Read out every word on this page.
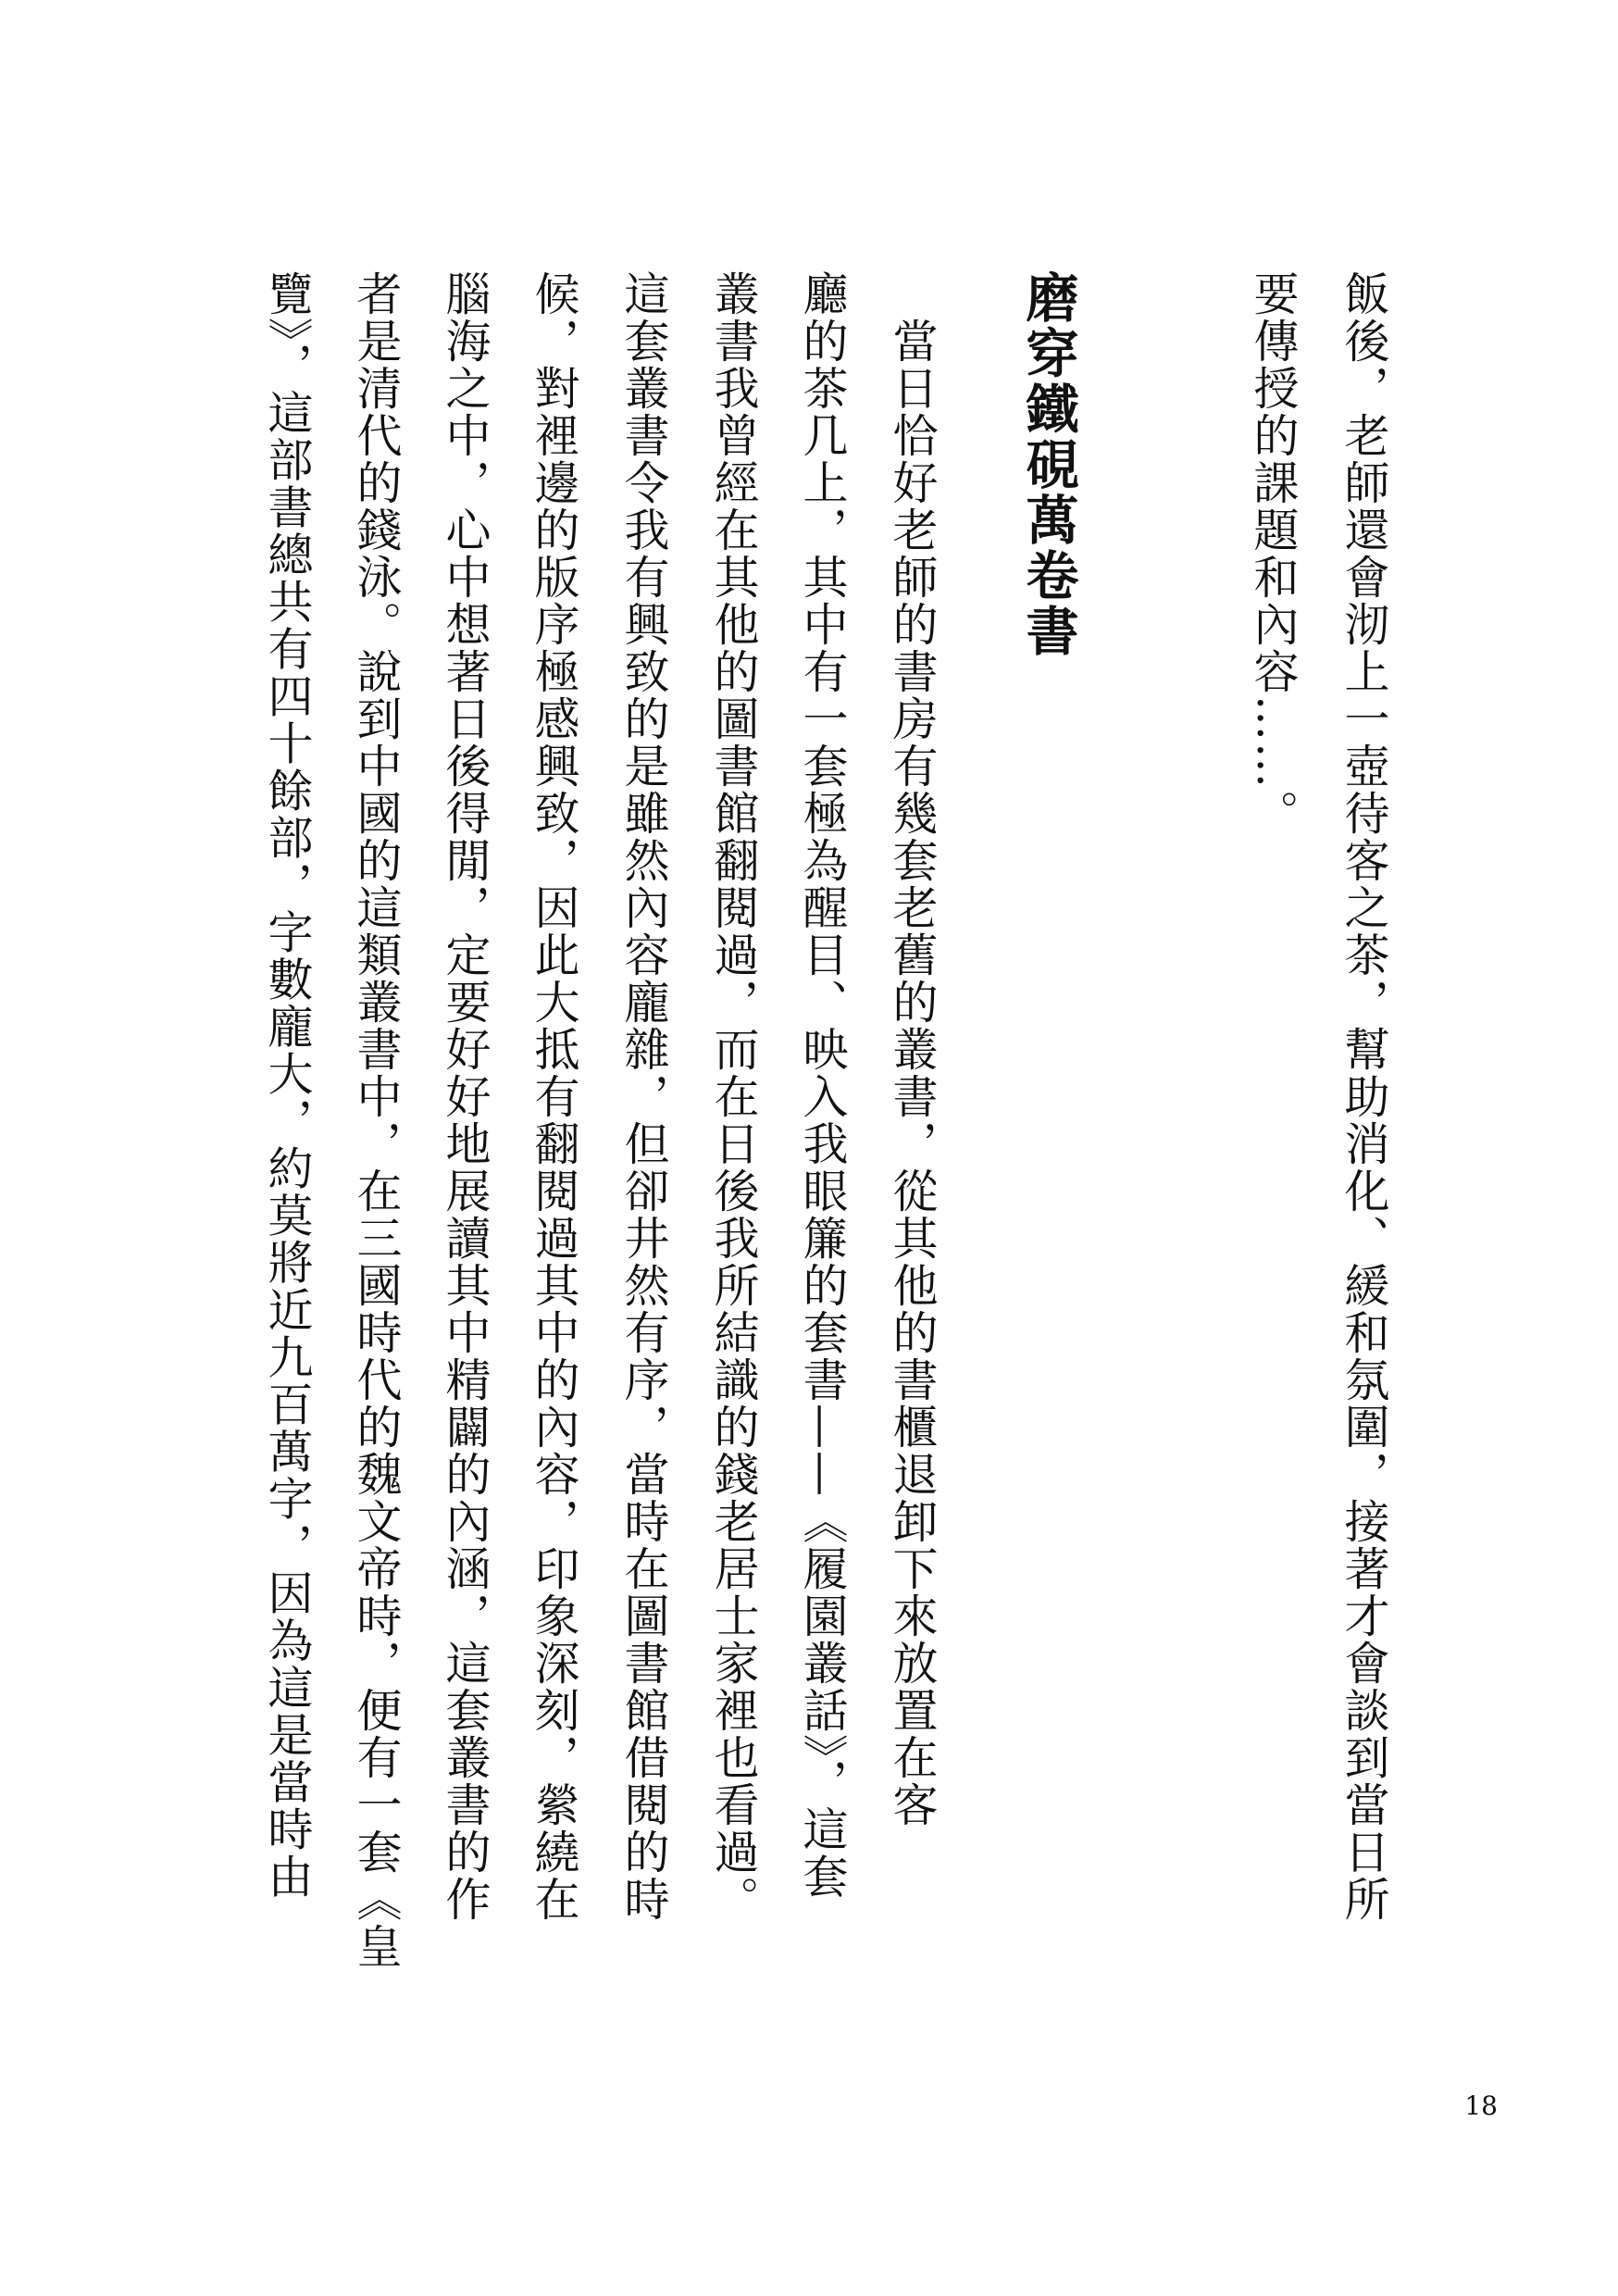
飯後，老師還會沏上一壺待客之茶，幫助消化、緩和氛圍，接著才會談到當日所
要傳授的課題和內容……。
磨穿鐵硯萬卷書
　當日恰好老師的書房有幾套老舊的叢書，從其他的書櫃退卸下來放置在客
廳的茶几上，其中有一套極為醒目、映入我眼簾的套書——《履園叢話》，這套
叢書我曾經在其他的圖書館翻閱過，而在日後我所結識的錢老居士家裡也看過。
這套叢書令我有興致的是雖然內容龐雜，但卻井然有序，當時在圖書館借閱的時
候，對裡邊的版序極感興致，因此大抵有翻閱過其中的內容，印象深刻，縈繞在
腦海之中，心中想著日後得閒，定要好好地展讀其中精闢的內涵，這套叢書的作
者是清代的錢泳。說到中國的這類叢書中，在三國時代的魏文帝時，便有一套《皇
覽》，這部書總共有四十餘部，字數龐大，約莫將近九百萬字，因為這是當時由
18
